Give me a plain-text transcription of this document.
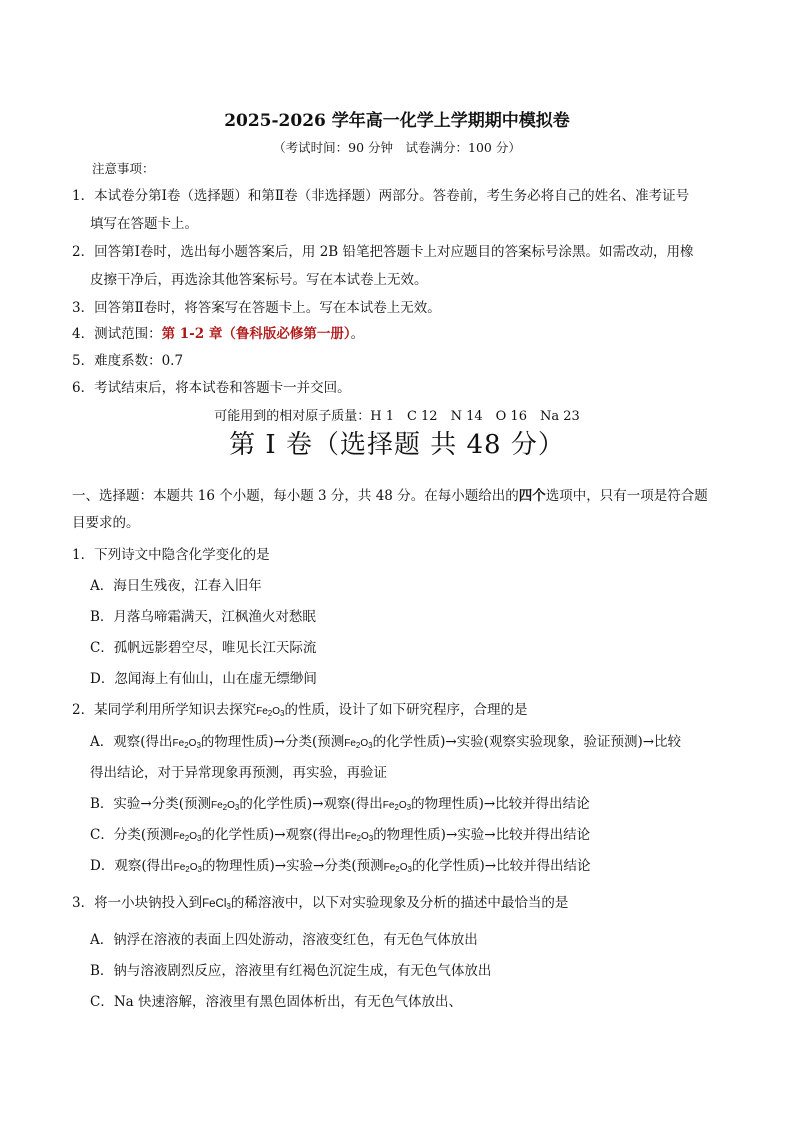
2025-2026 学年高一化学上学期期中模拟卷
（考试时间：90 分钟　试卷满分：100 分）
注意事项：
1．本试卷分第Ⅰ卷（选择题）和第Ⅱ卷（非选择题）两部分。答卷前，考生务必将自己的姓名、准考证号
填写在答题卡上。
2．回答第Ⅰ卷时，选出每小题答案后，用 2B 铅笔把答题卡上对应题目的答案标号涂黑。如需改动，用橡
皮擦干净后，再选涂其他答案标号。写在本试卷上无效。
3．回答第Ⅱ卷时，将答案写在答题卡上。写在本试卷上无效。
4．测试范围：第 1-2 章（鲁科版必修第一册）。
5．难度系数：0.7
6．考试结束后，将本试卷和答题卡一并交回。
可能用到的相对原子质量：H 1　C 12　N 14　O 16　Na 23
第 I 卷（选择题 共 48 分）
一、选择题：本题共 16 个小题，每小题 3 分，共 48 分。在每小题给出的四个选项中，只有一项是符合题
目要求的。
1．下列诗文中隐含化学变化的是
A．海日生残夜，江春入旧年
B．月落乌啼霜满天，江枫渔火对愁眠
C．孤帆远影碧空尽，唯见长江天际流
D．忽闻海上有仙山，山在虚无缥缈间
2．某同学利用所学知识去探究$Fe_2O_3$的性质，设计了如下研究程序，合理的是
A．观察(得出$Fe_2O_3$的物理性质)→分类(预测$Fe_2O_3$的化学性质)→实验(观察实验现象，验证预测)→比较
得出结论，对于异常现象再预测，再实验，再验证
B．实验→分类(预测$Fe_2O_3$的化学性质)→观察(得出$Fe_2O_3$的物理性质)→比较并得出结论
C．分类(预测$Fe_2O_3$的化学性质)→观察(得出$Fe_2O_3$的物理性质)→实验→比较并得出结论
D．观察(得出$Fe_2O_3$的物理性质)→实验→分类(预测$Fe_2O_3$的化学性质)→比较并得出结论
3．将一小块钠投入到FeCl$_3$的稀溶液中，以下对实验现象及分析的描述中最恰当的是
A．钠浮在溶液的表面上四处游动，溶液变红色，有无色气体放出
B．钠与溶液剧烈反应，溶液里有红褐色沉淀生成，有无色气体放出
C．Na 快速溶解，溶液里有黑色固体析出，有无色气体放出、
